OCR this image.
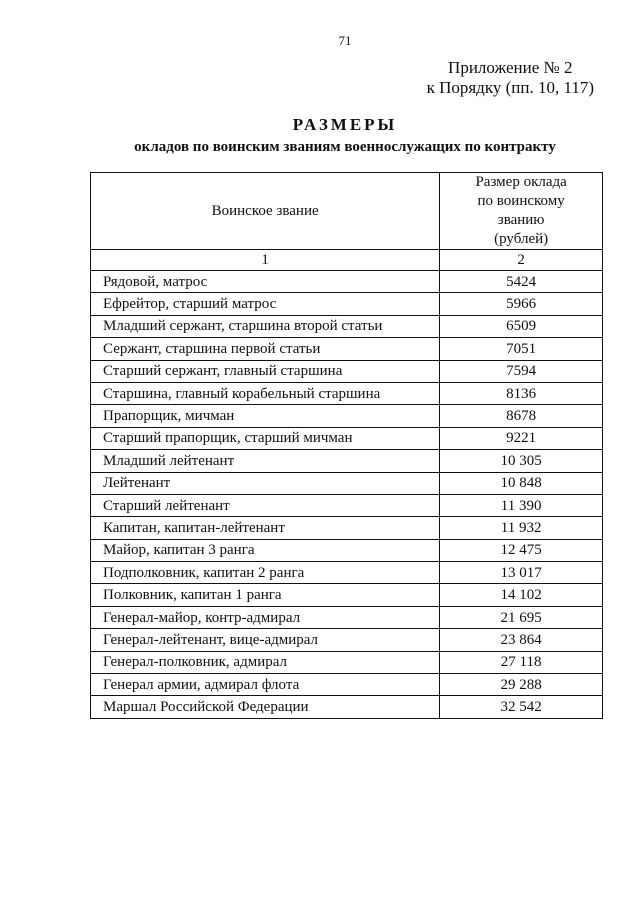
71
Приложение № 2
к Порядку (пп. 10, 117)
РАЗМЕРЫ
окладов по воинским званиям военнослужащих по контракту
Воинское звание	Размер оклада
по воинскому
званию
(рублей)

1	2
Рядовой, матрос	5424
Ефрейтор, старший матрос	5966
Младший сержант, старшина второй статьи	6509
Сержант, старшина первой статьи	7051
Старший сержант, главный старшина	7594
Старшина, главный корабельный старшина	8136
Прапорщик, мичман	8678
Старший прапорщик, старший мичман	9221
Младший лейтенант	10 305
Лейтенант	10 848
Старший лейтенант	11 390
Капитан, капитан-лейтенант	11 932
Майор, капитан 3 ранга	12 475
Подполковник, капитан 2 ранга	13 017
Полковник, капитан 1 ранга	14 102
Генерал-майор, контр-адмирал	21 695
Генерал-лейтенант, вице-адмирал	23 864
Генерал-полковник, адмирал	27 118
Генерал армии, адмирал флота	29 288
Маршал Российской Федерации	32 542
